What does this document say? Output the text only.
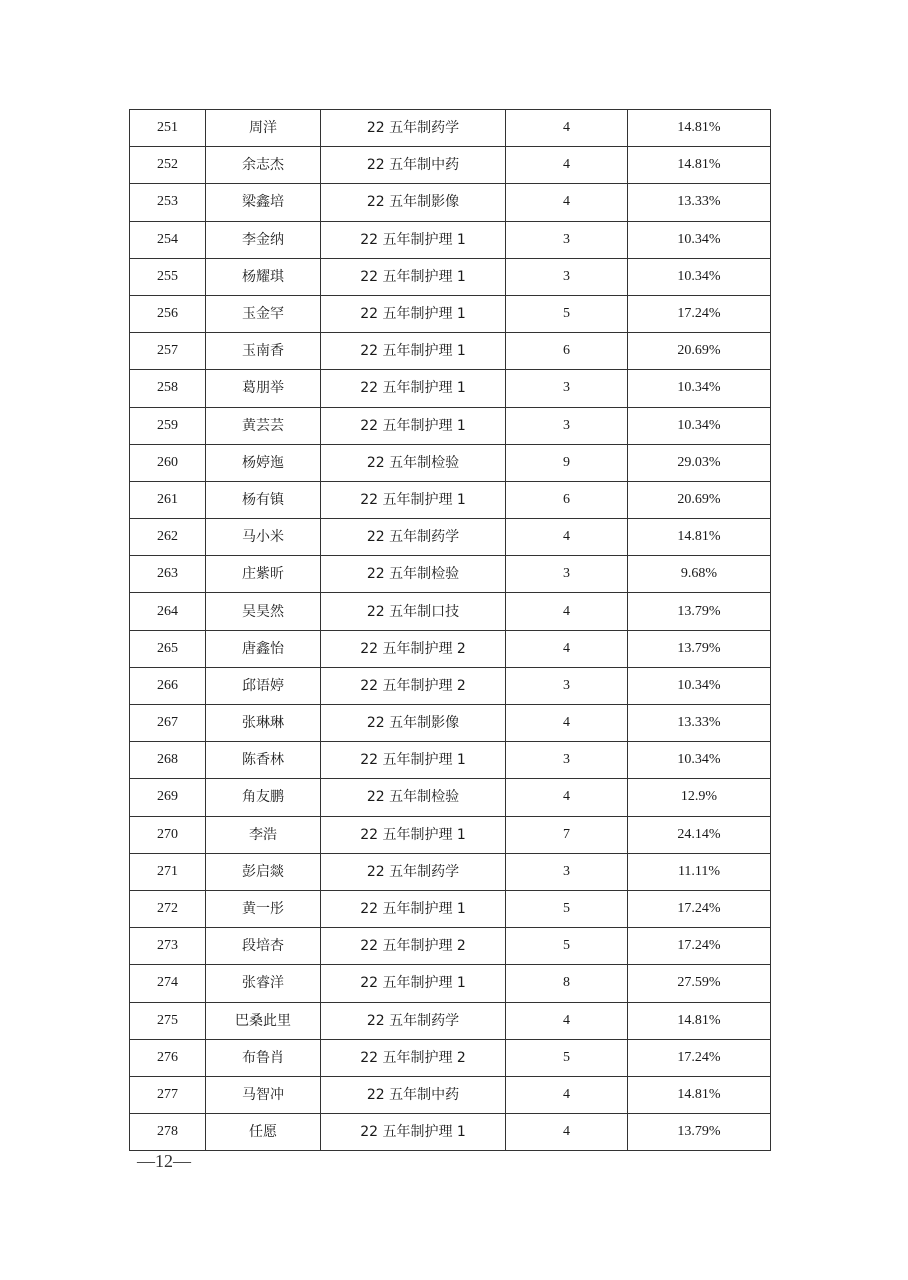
251	周洋	22 五年制药学	4	14.81%
252	余志杰	22 五年制中药	4	14.81%
253	梁鑫培	22 五年制影像	4	13.33%
254	李金纳	22 五年制护理 1	3	10.34%
255	杨耀琪	22 五年制护理 1	3	10.34%
256	玉金罕	22 五年制护理 1	5	17.24%
257	玉南香	22 五年制护理 1	6	20.69%
258	葛朋举	22 五年制护理 1	3	10.34%
259	黄芸芸	22 五年制护理 1	3	10.34%
260	杨婷迤	22 五年制检验	9	29.03%
261	杨有镇	22 五年制护理 1	6	20.69%
262	马小米	22 五年制药学	4	14.81%
263	庄紫昕	22 五年制检验	3	9.68%
264	吴昊然	22 五年制口技	4	13.79%
265	唐鑫怡	22 五年制护理 2	4	13.79%
266	邱语婷	22 五年制护理 2	3	10.34%
267	张琳琳	22 五年制影像	4	13.33%
268	陈香林	22 五年制护理 1	3	10.34%
269	角友鹏	22 五年制检验	4	12.9%
270	李浩	22 五年制护理 1	7	24.14%
271	彭启燚	22 五年制药学	3	11.11%
272	黄一彤	22 五年制护理 1	5	17.24%
273	段培杏	22 五年制护理 2	5	17.24%
274	张睿洋	22 五年制护理 1	8	27.59%
275	巴桑此里	22 五年制药学	4	14.81%
276	布鲁肖	22 五年制护理 2	5	17.24%
277	马智冲	22 五年制中药	4	14.81%
278	任愿	22 五年制护理 1	4	13.79%
—12—
